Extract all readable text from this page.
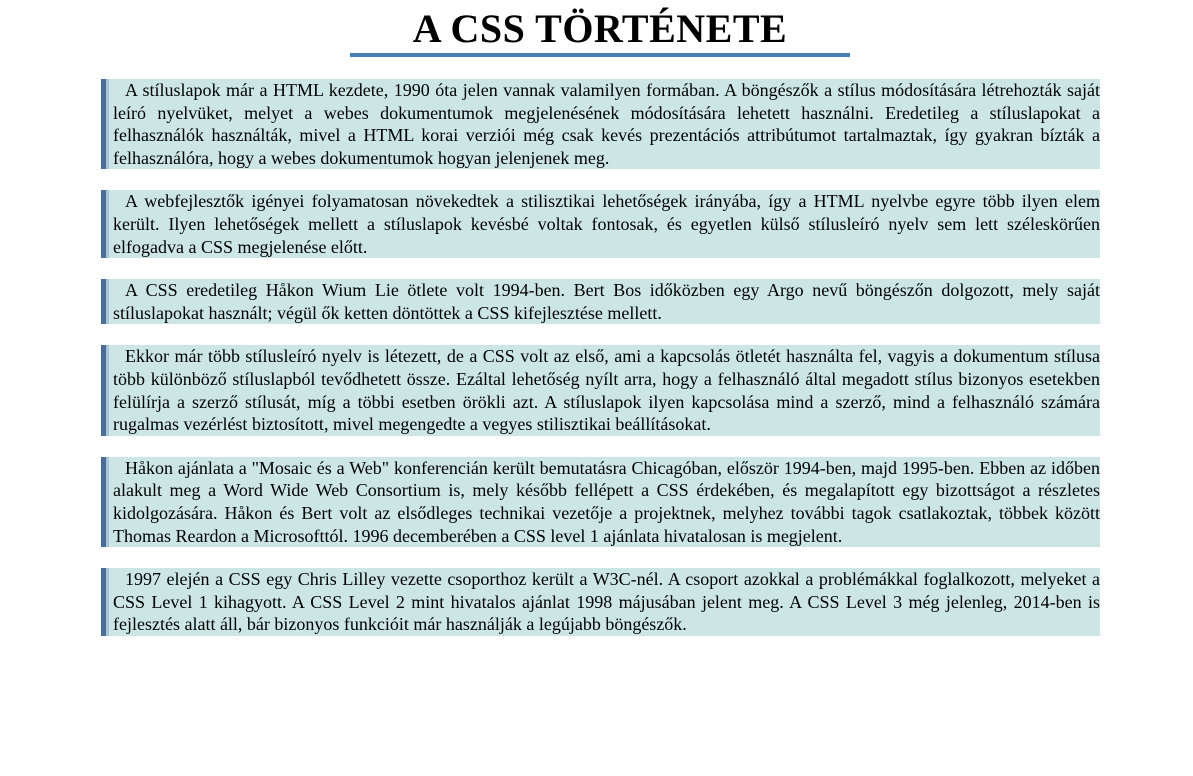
A CSS TÖRTÉNETE

A stíluslapok már a HTML kezdete, 1990 óta jelen vannak valamilyen formában. A böngészők a stílus módosítására létrehozták saját leíró nyelvüket, melyet a webes dokumentumok megjelenésének módosítására lehetett használni. Eredetileg a stíluslapokat a felhasználók használták, mivel a HTML korai verziói még csak kevés prezentációs attribútumot tartalmaztak, így gyakran bízták a felhasználóra, hogy a webes dokumentumok hogyan jelenjenek meg.

A webfejlesztők igényei folyamatosan növekedtek a stilisztikai lehetőségek irányába, így a HTML nyelvbe egyre több ilyen elem került. Ilyen lehetőségek mellett a stíluslapok kevésbé voltak fontosak, és egyetlen külső stílusleíró nyelv sem lett széleskörűen elfogadva a CSS megjelenése előtt.

A CSS eredetileg Håkon Wium Lie ötlete volt 1994-ben. Bert Bos időközben egy Argo nevű böngészőn dolgozott, mely saját stíluslapokat használt; végül ők ketten döntöttek a CSS kifejlesztése mellett.

Ekkor már több stílusleíró nyelv is létezett, de a CSS volt az első, ami a kapcsolás ötletét használta fel, vagyis a dokumentum stílusa több különböző stíluslapból tevődhetett össze. Ezáltal lehetőség nyílt arra, hogy a felhasználó által megadott stílus bizonyos esetekben felülírja a szerző stílusát, míg a többi esetben örökli azt. A stíluslapok ilyen kapcsolása mind a szerző, mind a felhasználó számára rugalmas vezérlést biztosított, mivel megengedte a vegyes stilisztikai beállításokat.

Håkon ajánlata a "Mosaic és a Web" konferencián került bemutatásra Chicagóban, először 1994-ben, majd 1995-ben. Ebben az időben alakult meg a Word Wide Web Consortium is, mely később fellépett a CSS érdekében, és megalapított egy bizottságot a részletes kidolgozására. Håkon és Bert volt az elsődleges technikai vezetője a projektnek, melyhez további tagok csatlakoztak, többek között Thomas Reardon a Microsofttól. 1996 decemberében a CSS level 1 ajánlata hivatalosan is megjelent.

1997 elején a CSS egy Chris Lilley vezette csoporthoz került a W3C-nél. A csoport azokkal a problémákkal foglalkozott, melyeket a CSS Level 1 kihagyott. A CSS Level 2 mint hivatalos ajánlat 1998 májusában jelent meg. A CSS Level 3 még jelenleg, 2014-ben is fejlesztés alatt áll, bár bizonyos funkcióit már használják a legújabb böngészők.
